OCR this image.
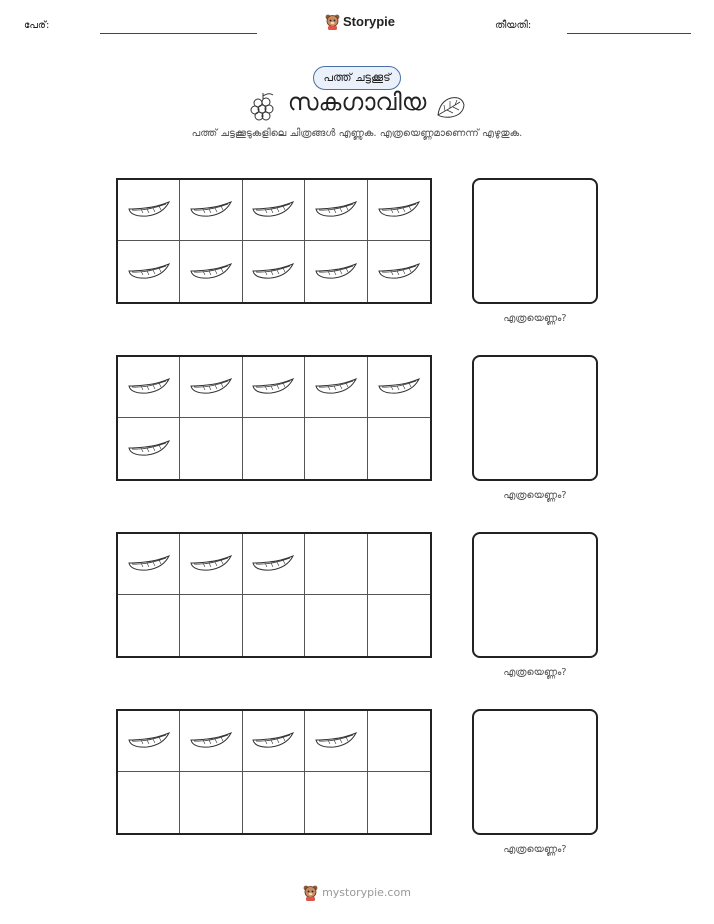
പേര്:	Storypie	തീയതി:
പത്ത് ചട്ടക്കൂട്
സകഗാവിയ
പത്ത് ചട്ടക്കൂടുകളിലെ ചിത്രങ്ങൾ എണ്ണുക. എത്രയെണ്ണമാണെന്ന് എഴുതുക.
എത്രയെണ്ണം?
എത്രയെണ്ണം?
എത്രയെണ്ണം?
എത്രയെണ്ണം?
mystorypie.com
